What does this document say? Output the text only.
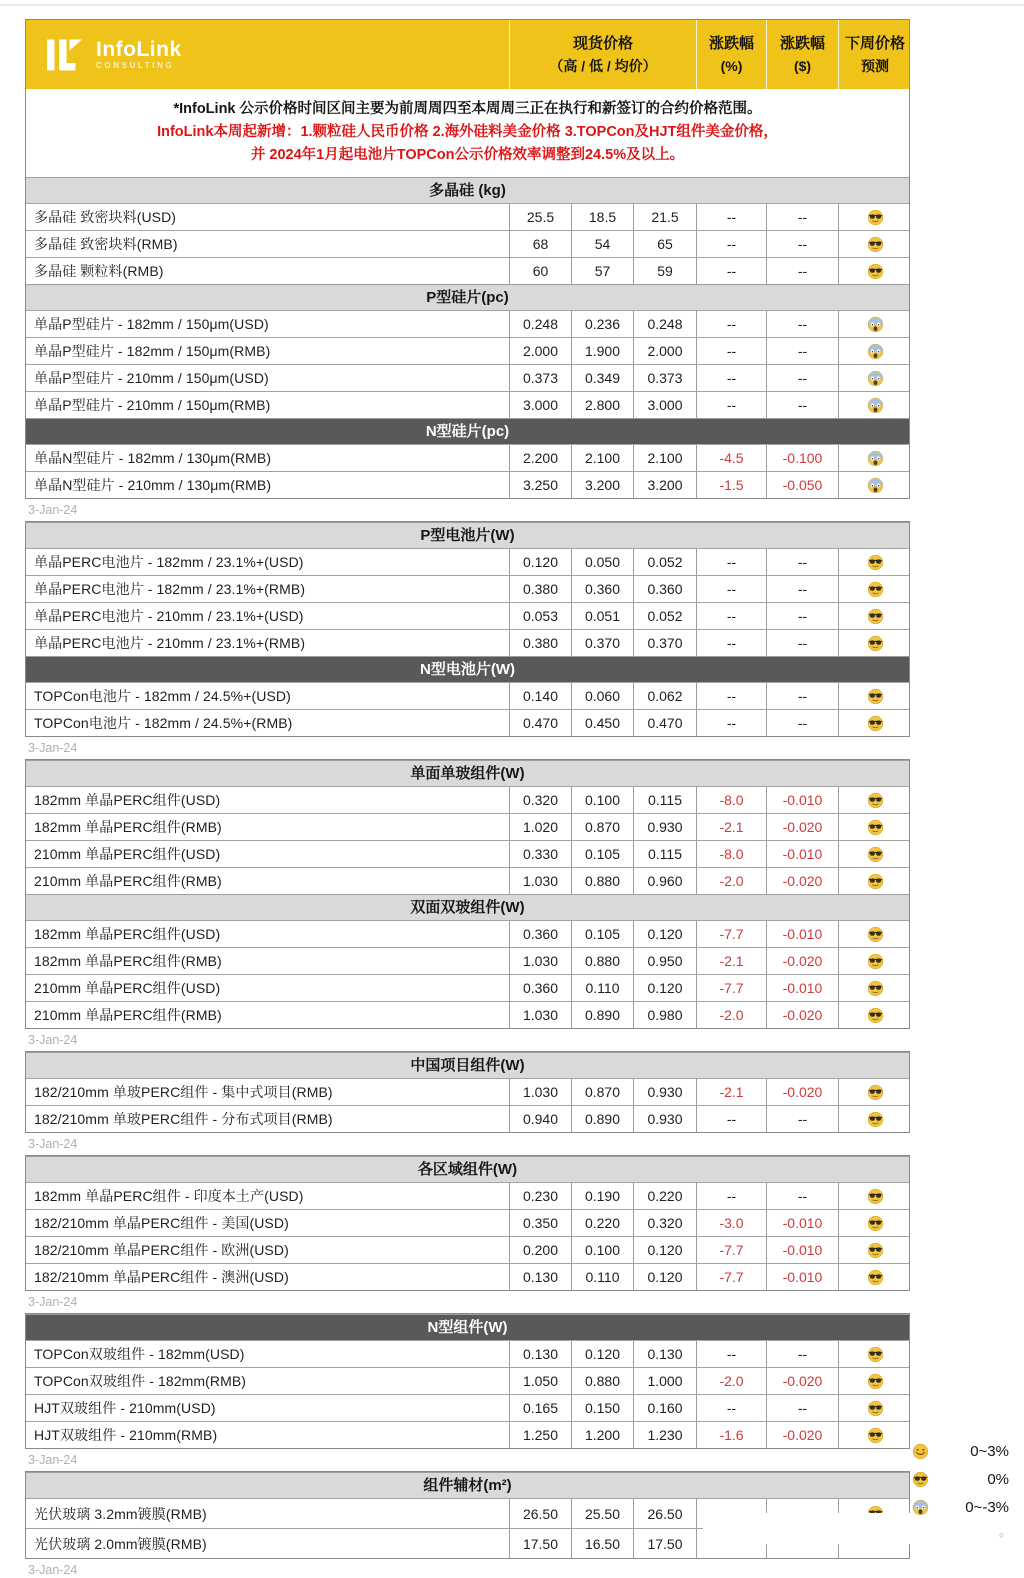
InfoLink
CONSULTING
现货价格
（高 / 低 / 均价）
涨跌幅
(%)
涨跌幅
($)
下周价格
预测
*InfoLink 公示价格时间区间主要为前周周四至本周周三正在执行和新签订的合约价格范围。
InfoLink本周起新增：1.颗粒硅人民币价格 2.海外硅料美金价格 3.TOPCon及HJT组件美金价格，
并 2024年1月起电池片TOPCon公示价格效率调整到24.5%及以上。
多晶硅 (kg)
多晶硅 致密块料(USD)	25.5	18.5	21.5	--	--
多晶硅 致密块料(RMB)	68	54	65	--	--
多晶硅 颗粒料(RMB)	60	57	59	--	--
P型硅片(pc)
单晶P型硅片 - 182mm / 150μm(USD)	0.248	0.236	0.248	--	--
单晶P型硅片 - 182mm / 150μm(RMB)	2.000	1.900	2.000	--	--
单晶P型硅片 - 210mm / 150μm(USD)	0.373	0.349	0.373	--	--
单晶P型硅片 - 210mm / 150μm(RMB)	3.000	2.800	3.000	--	--
N型硅片(pc)
单晶N型硅片 - 182mm / 130μm(RMB)	2.200	2.100	2.100	-4.5	-0.100
单晶N型硅片 - 210mm / 130μm(RMB)	3.250	3.200	3.200	-1.5	-0.050
3-Jan-24
P型电池片(W)
单晶PERC电池片 - 182mm / 23.1%+(USD)	0.120	0.050	0.052	--	--
单晶PERC电池片 - 182mm / 23.1%+(RMB)	0.380	0.360	0.360	--	--
单晶PERC电池片 - 210mm / 23.1%+(USD)	0.053	0.051	0.052	--	--
单晶PERC电池片 - 210mm / 23.1%+(RMB)	0.380	0.370	0.370	--	--
N型电池片(W)
TOPCon电池片 - 182mm / 24.5%+(USD)	0.140	0.060	0.062	--	--
TOPCon电池片 - 182mm / 24.5%+(RMB)	0.470	0.450	0.470	--	--
3-Jan-24
单面单玻组件(W)
182mm 单晶PERC组件(USD)	0.320	0.100	0.115	-8.0	-0.010
182mm 单晶PERC组件(RMB)	1.020	0.870	0.930	-2.1	-0.020
210mm 单晶PERC组件(USD)	0.330	0.105	0.115	-8.0	-0.010
210mm 单晶PERC组件(RMB)	1.030	0.880	0.960	-2.0	-0.020
双面双玻组件(W)
182mm 单晶PERC组件(USD)	0.360	0.105	0.120	-7.7	-0.010
182mm 单晶PERC组件(RMB)	1.030	0.880	0.950	-2.1	-0.020
210mm 单晶PERC组件(USD)	0.360	0.110	0.120	-7.7	-0.010
210mm 单晶PERC组件(RMB)	1.030	0.890	0.980	-2.0	-0.020
3-Jan-24
中国项目组件(W)
182/210mm 单玻PERC组件 - 集中式项目(RMB)	1.030	0.870	0.930	-2.1	-0.020
182/210mm 单玻PERC组件 - 分布式项目(RMB)	0.940	0.890	0.930	--	--
3-Jan-24
各区域组件(W)
182mm 单晶PERC组件 - 印度本土产(USD)	0.230	0.190	0.220	--	--
182/210mm 单晶PERC组件 - 美国(USD)	0.350	0.220	0.320	-3.0	-0.010
182/210mm 单晶PERC组件 - 欧洲(USD)	0.200	0.100	0.120	-7.7	-0.010
182/210mm 单晶PERC组件 - 澳洲(USD)	0.130	0.110	0.120	-7.7	-0.010
3-Jan-24
N型组件(W)
TOPCon双玻组件 - 182mm(USD)	0.130	0.120	0.130	--	--
TOPCon双玻组件 - 182mm(RMB)	1.050	0.880	1.000	-2.0	-0.020
HJT双玻组件 - 210mm(USD)	0.165	0.150	0.160	--	--
HJT双玻组件 - 210mm(RMB)	1.250	1.200	1.230	-1.6	-0.020
3-Jan-24
组件辅材(m²)
光伏玻璃 3.2mm镀膜(RMB)	26.50	25.50	26.50
光伏玻璃 2.0mm镀膜(RMB)	17.50	16.50	17.50
3-Jan-24
。
0~3%
0%
0~-3%
